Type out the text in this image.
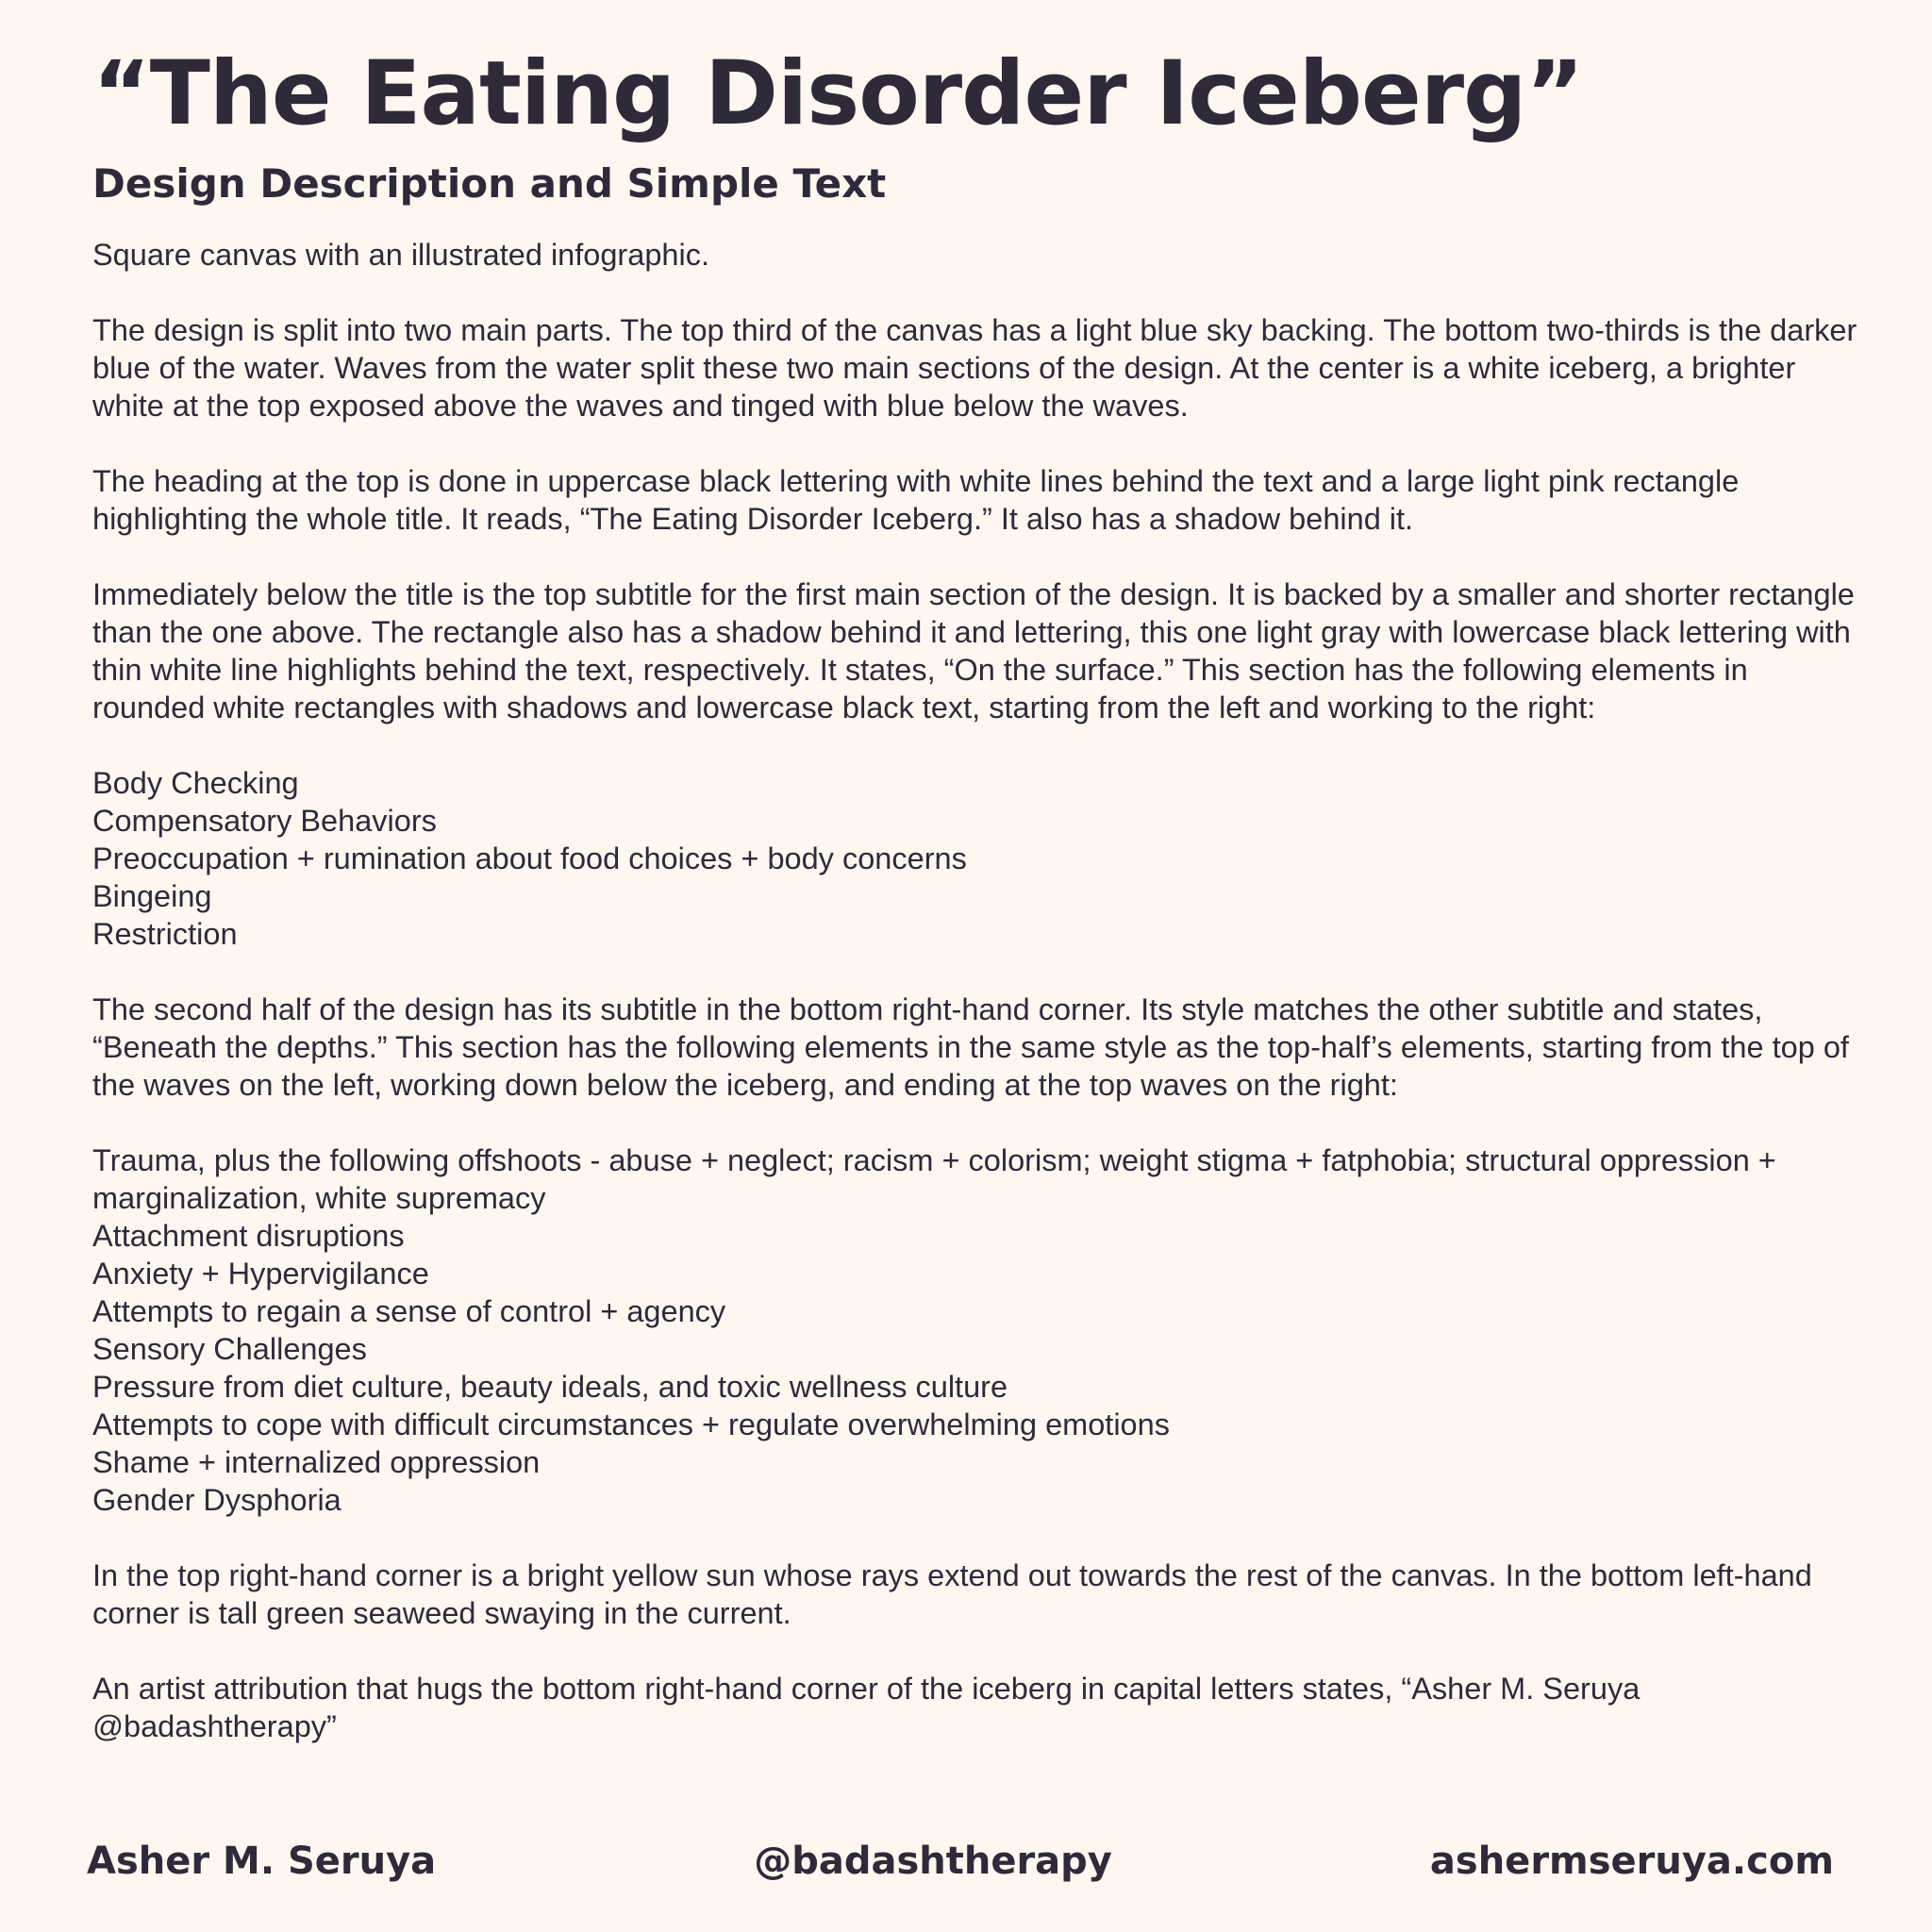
“The Eating Disorder Iceberg”
Design Description and Simple Text

Square canvas with an illustrated infographic.

The design is split into two main parts. The top third of the canvas has a light blue sky backing. The bottom two-thirds is the darker blue of the water. Waves from the water split these two main sections of the design. At the center is a white iceberg, a brighter white at the top exposed above the waves and tinged with blue below the waves.

The heading at the top is done in uppercase black lettering with white lines behind the text and a large light pink rectangle highlighting the whole title. It reads, “The Eating Disorder Iceberg.” It also has a shadow behind it.

Immediately below the title is the top subtitle for the first main section of the design. It is backed by a smaller and shorter rectangle than the one above. The rectangle also has a shadow behind it and lettering, this one light gray with lowercase black lettering with thin white line highlights behind the text, respectively. It states, “On the surface.” This section has the following elements in rounded white rectangles with shadows and lowercase black text, starting from the left and working to the right:

Body Checking
Compensatory Behaviors
Preoccupation + rumination about food choices + body concerns
Bingeing
Restriction

The second half of the design has its subtitle in the bottom right-hand corner. Its style matches the other subtitle and states, “Beneath the depths.” This section has the following elements in the same style as the top-half’s elements, starting from the top of the waves on the left, working down below the iceberg, and ending at the top waves on the right:

Trauma, plus the following offshoots - abuse + neglect; racism + colorism; weight stigma + fatphobia; structural oppression + marginalization, white supremacy
Attachment disruptions
Anxiety + Hypervigilance
Attempts to regain a sense of control + agency
Sensory Challenges
Pressure from diet culture, beauty ideals, and toxic wellness culture
Attempts to cope with difficult circumstances + regulate overwhelming emotions
Shame + internalized oppression
Gender Dysphoria

In the top right-hand corner is a bright yellow sun whose rays extend out towards the rest of the canvas. In the bottom left-hand corner is tall green seaweed swaying in the current.

An artist attribution that hugs the bottom right-hand corner of the iceberg in capital letters states, “Asher M. Seruya @badashtherapy”

Asher M. Seruya	@badashtherapy	ashermseruya.com
